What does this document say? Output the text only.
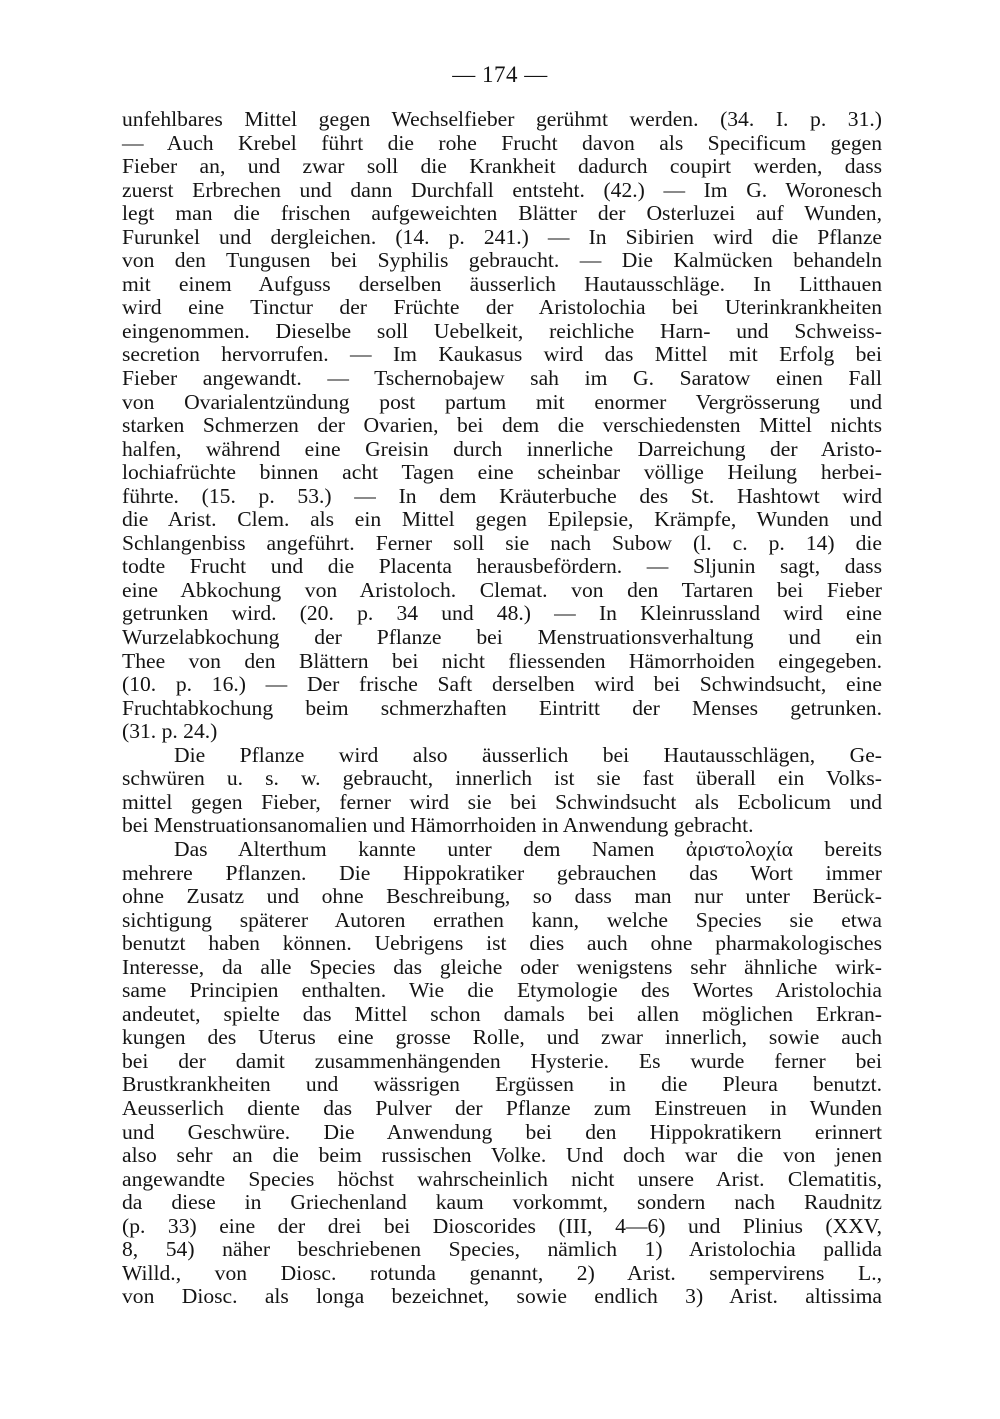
— 174 —
unfehlbares Mittel gegen Wechselfieber gerühmt werden. (34. I. p. 31.)
— Auch Krebel führt die rohe Frucht davon als Specificum gegen
Fieber an, und zwar soll die Krankheit dadurch coupirt werden, dass
zuerst Erbrechen und dann Durchfall entsteht. (42.) — Im G. Woronesch
legt man die frischen aufgeweichten Blätter der Osterluzei auf Wunden,
Furunkel und dergleichen. (14. p. 241.) — In Sibirien wird die Pflanze
von den Tungusen bei Syphilis gebraucht. — Die Kalmücken behandeln
mit einem Aufguss derselben äusserlich Hautausschläge. In Litthauen
wird eine Tinctur der Früchte der Aristolochia bei Uterinkrankheiten
eingenommen. Dieselbe soll Uebelkeit, reichliche Harn- und Schweiss-
secretion hervorrufen. — Im Kaukasus wird das Mittel mit Erfolg bei
Fieber angewandt. — Tschernobajew sah im G. Saratow einen Fall
von Ovarialentzündung post partum mit enormer Vergrösserung und
starken Schmerzen der Ovarien, bei dem die verschiedensten Mittel nichts
halfen, während eine Greisin durch innerliche Darreichung der Aristo-
lochiafrüchte binnen acht Tagen eine scheinbar völlige Heilung herbei-
führte. (15. p. 53.) — In dem Kräuterbuche des St. Hashtowt wird
die Arist. Clem. als ein Mittel gegen Epilepsie, Krämpfe, Wunden und
Schlangenbiss angeführt. Ferner soll sie nach Subow (l. c. p. 14) die
todte Frucht und die Placenta herausbefördern. — Sljunin sagt, dass
eine Abkochung von Aristoloch. Clemat. von den Tartaren bei Fieber
getrunken wird. (20. p. 34 und 48.) — In Kleinrussland wird eine
Wurzelabkochung der Pflanze bei Menstruationsverhaltung und ein
Thee von den Blättern bei nicht fliessenden Hämorrhoiden eingegeben.
(10. p. 16.) — Der frische Saft derselben wird bei Schwindsucht, eine
Fruchtabkochung beim schmerzhaften Eintritt der Menses getrunken.
(31. p. 24.)
Die Pflanze wird also äusserlich bei Hautausschlägen, Ge-
schwüren u. s. w. gebraucht, innerlich ist sie fast überall ein Volks-
mittel gegen Fieber, ferner wird sie bei Schwindsucht als Ecbolicum und
bei Menstruationsanomalien und Hämorrhoiden in Anwendung gebracht.
Das Alterthum kannte unter dem Namen ἀριστολοχία bereits
mehrere Pflanzen. Die Hippokratiker gebrauchen das Wort immer
ohne Zusatz und ohne Beschreibung, so dass man nur unter Berück-
sichtigung späterer Autoren errathen kann, welche Species sie etwa
benutzt haben können. Uebrigens ist dies auch ohne pharmakologisches
Interesse, da alle Species das gleiche oder wenigstens sehr ähnliche wirk-
same Principien enthalten. Wie die Etymologie des Wortes Aristolochia
andeutet, spielte das Mittel schon damals bei allen möglichen Erkran-
kungen des Uterus eine grosse Rolle, und zwar innerlich, sowie auch
bei der damit zusammenhängenden Hysterie. Es wurde ferner bei
Brustkrankheiten und wässrigen Ergüssen in die Pleura benutzt.
Aeusserlich diente das Pulver der Pflanze zum Einstreuen in Wunden
und Geschwüre. Die Anwendung bei den Hippokratikern erinnert
also sehr an die beim russischen Volke. Und doch war die von jenen
angewandte Species höchst wahrscheinlich nicht unsere Arist. Clematitis,
da diese in Griechenland kaum vorkommt, sondern nach Raudnitz
(p. 33) eine der drei bei Dioscorides (III, 4—6) und Plinius (XXV,
8, 54) näher beschriebenen Species, nämlich 1) Aristolochia pallida
Willd., von Diosc. rotunda genannt, 2) Arist. sempervirens L.,
von Diosc. als longa bezeichnet, sowie endlich 3) Arist. altissima
